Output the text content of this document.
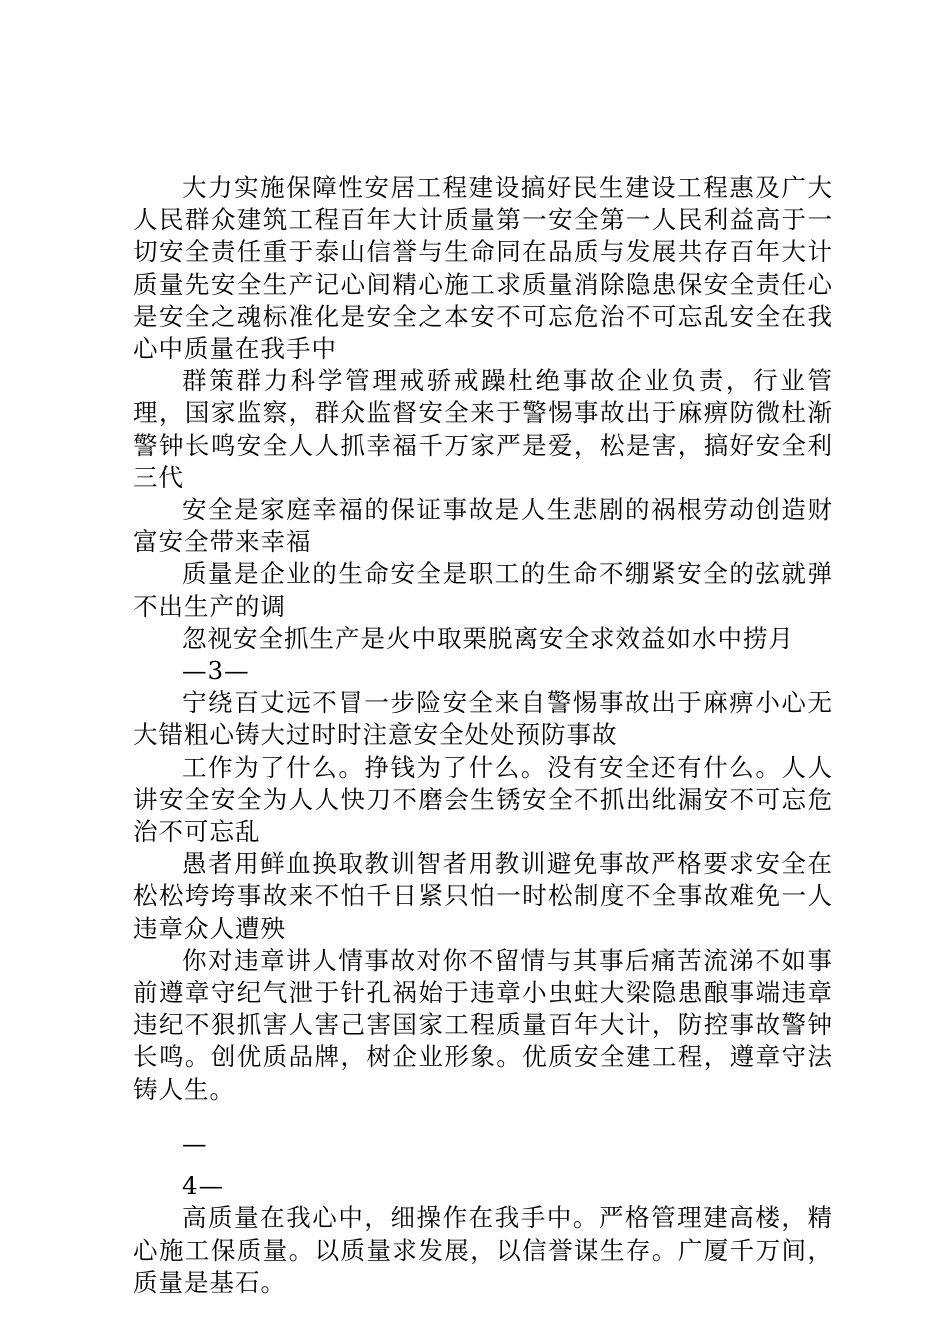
大力实施保障性安居工程建设搞好民生建设工程惠及广大人民群众建筑工程百年大计质量第一安全第一人民利益高于一切安全责任重于泰山信誉与生命同在品质与发展共存百年大计质量先安全生产记心间精心施工求质量消除隐患保安全责任心是安全之魂标准化是安全之本安不可忘危治不可忘乱安全在我心中质量在我手中

群策群力科学管理戒骄戒躁杜绝事故企业负责，行业管理，国家监察，群众监督安全来于警惕事故出于麻痹防微杜渐警钟长鸣安全人人抓幸福千万家严是爱，松是害，搞好安全利三代

安全是家庭幸福的保证事故是人生悲剧的祸根劳动创造财富安全带来幸福

质量是企业的生命安全是职工的生命不绷紧安全的弦就弹不出生产的调

忽视安全抓生产是火中取栗脱离安全求效益如水中捞月

—3—

宁绕百丈远不冒一步险安全来自警惕事故出于麻痹小心无大错粗心铸大过时时注意安全处处预防事故

工作为了什么。挣钱为了什么。没有安全还有什么。人人讲安全安全为人人快刀不磨会生锈安全不抓出纰漏安不可忘危治不可忘乱

愚者用鲜血换取教训智者用教训避免事故严格要求安全在松松垮垮事故来不怕千日紧只怕一时松制度不全事故难免一人违章众人遭殃

你对违章讲人情事故对你不留情与其事后痛苦流涕不如事前遵章守纪气泄于针孔祸始于违章小虫蛀大梁隐患酿事端违章违纪不狠抓害人害己害国家工程质量百年大计，防控事故警钟长鸣。创优质品牌，树企业形象。优质安全建工程，遵章守法铸人生。

—

4—

高质量在我心中，细操作在我手中。严格管理建高楼，精心施工保质量。以质量求发展，以信誉谋生存。广厦千万间，质量是基石。
